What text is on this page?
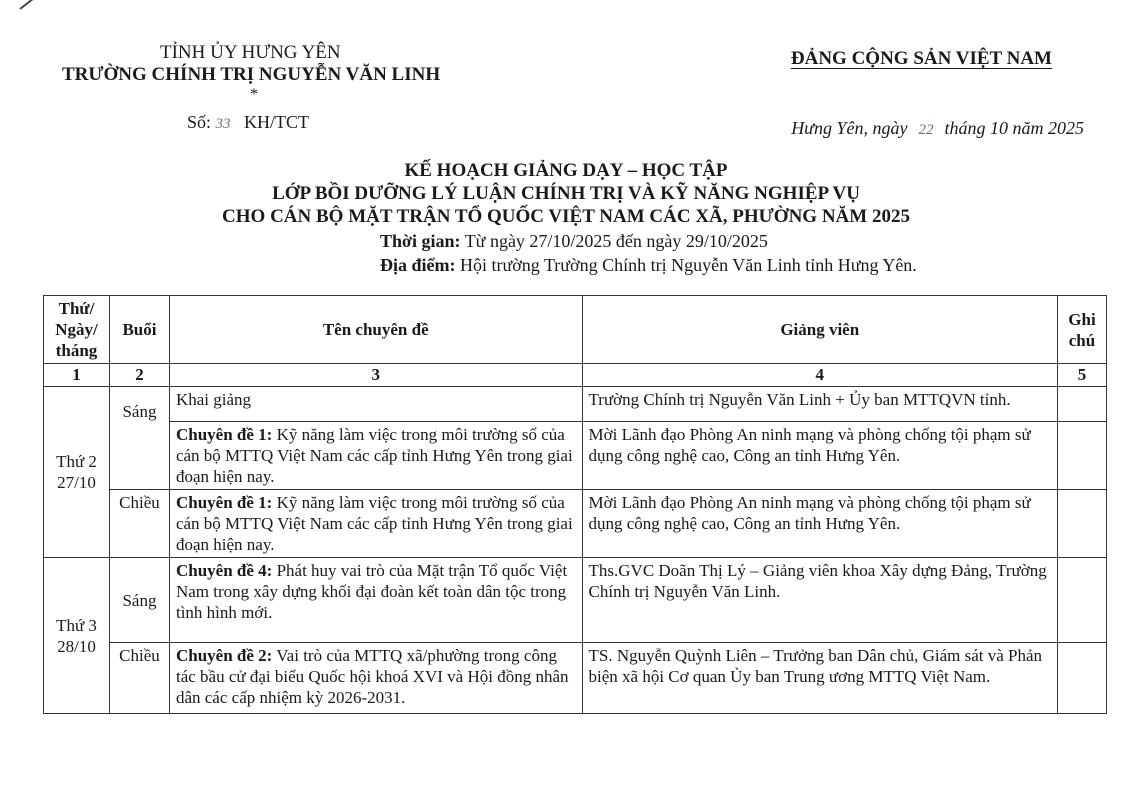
TỈNH ỦY HƯNG YÊN
TRƯỜNG CHÍNH TRỊ NGUYỄN VĂN LINH
*
Số: 33 KH/TCT
ĐẢNG CỘNG SẢN VIỆT NAM
Hưng Yên, ngày 22 tháng 10 năm 2025
KẾ HOẠCH GIẢNG DẠY – HỌC TẬP
LỚP BỒI DƯỠNG LÝ LUẬN CHÍNH TRỊ VÀ KỸ NĂNG NGHIỆP VỤ
CHO CÁN BỘ MẶT TRẬN TỔ QUỐC VIỆT NAM CÁC XÃ, PHƯỜNG NĂM 2025
Thời gian: Từ ngày 27/10/2025 đến ngày 29/10/2025
Địa điểm: Hội trường Trường Chính trị Nguyễn Văn Linh tỉnh Hưng Yên.
Thứ/ Ngày/ tháng	Buổi	Tên chuyên đề	Giảng viên	Ghi chú
1	2	3	4	5

Thứ 2
27/10	Sáng	Khai giảng	Trường Chính trị Nguyễn Văn Linh + Ủy ban MTTQVN tỉnh.	
		Chuyên đề 1: Kỹ năng làm việc trong môi trường số của cán bộ MTTQ Việt Nam các cấp tỉnh Hưng Yên trong giai đoạn hiện nay.	Mời Lãnh đạo Phòng An ninh mạng và phòng chống tội phạm sử dụng công nghệ cao, Công an tỉnh Hưng Yên.	
	Chiều	Chuyên đề 1: Kỹ năng làm việc trong môi trường số của cán bộ MTTQ Việt Nam các cấp tỉnh Hưng Yên trong giai đoạn hiện nay.	Mời Lãnh đạo Phòng An ninh mạng và phòng chống tội phạm sử dụng công nghệ cao, Công an tỉnh Hưng Yên.	

Thứ 3
28/10	Sáng	Chuyên đề 4: Phát huy vai trò của Mặt trận Tổ quốc Việt Nam trong xây dựng khối đại đoàn kết toàn dân tộc trong tình hình mới.	Ths.GVC Doãn Thị Lý – Giảng viên khoa Xây dựng Đảng, Trường Chính trị Nguyễn Văn Linh.	
	Chiều	Chuyên đề 2: Vai trò của MTTQ xã/phường trong công tác bầu cử đại biểu Quốc hội khoá XVI và Hội đồng nhân dân các cấp nhiệm kỳ 2026-2031.	TS. Nguyễn Quỳnh Liên – Trưởng ban Dân chủ, Giám sát và Phản biện xã hội Cơ quan Ủy ban Trung ương MTTQ Việt Nam.	
